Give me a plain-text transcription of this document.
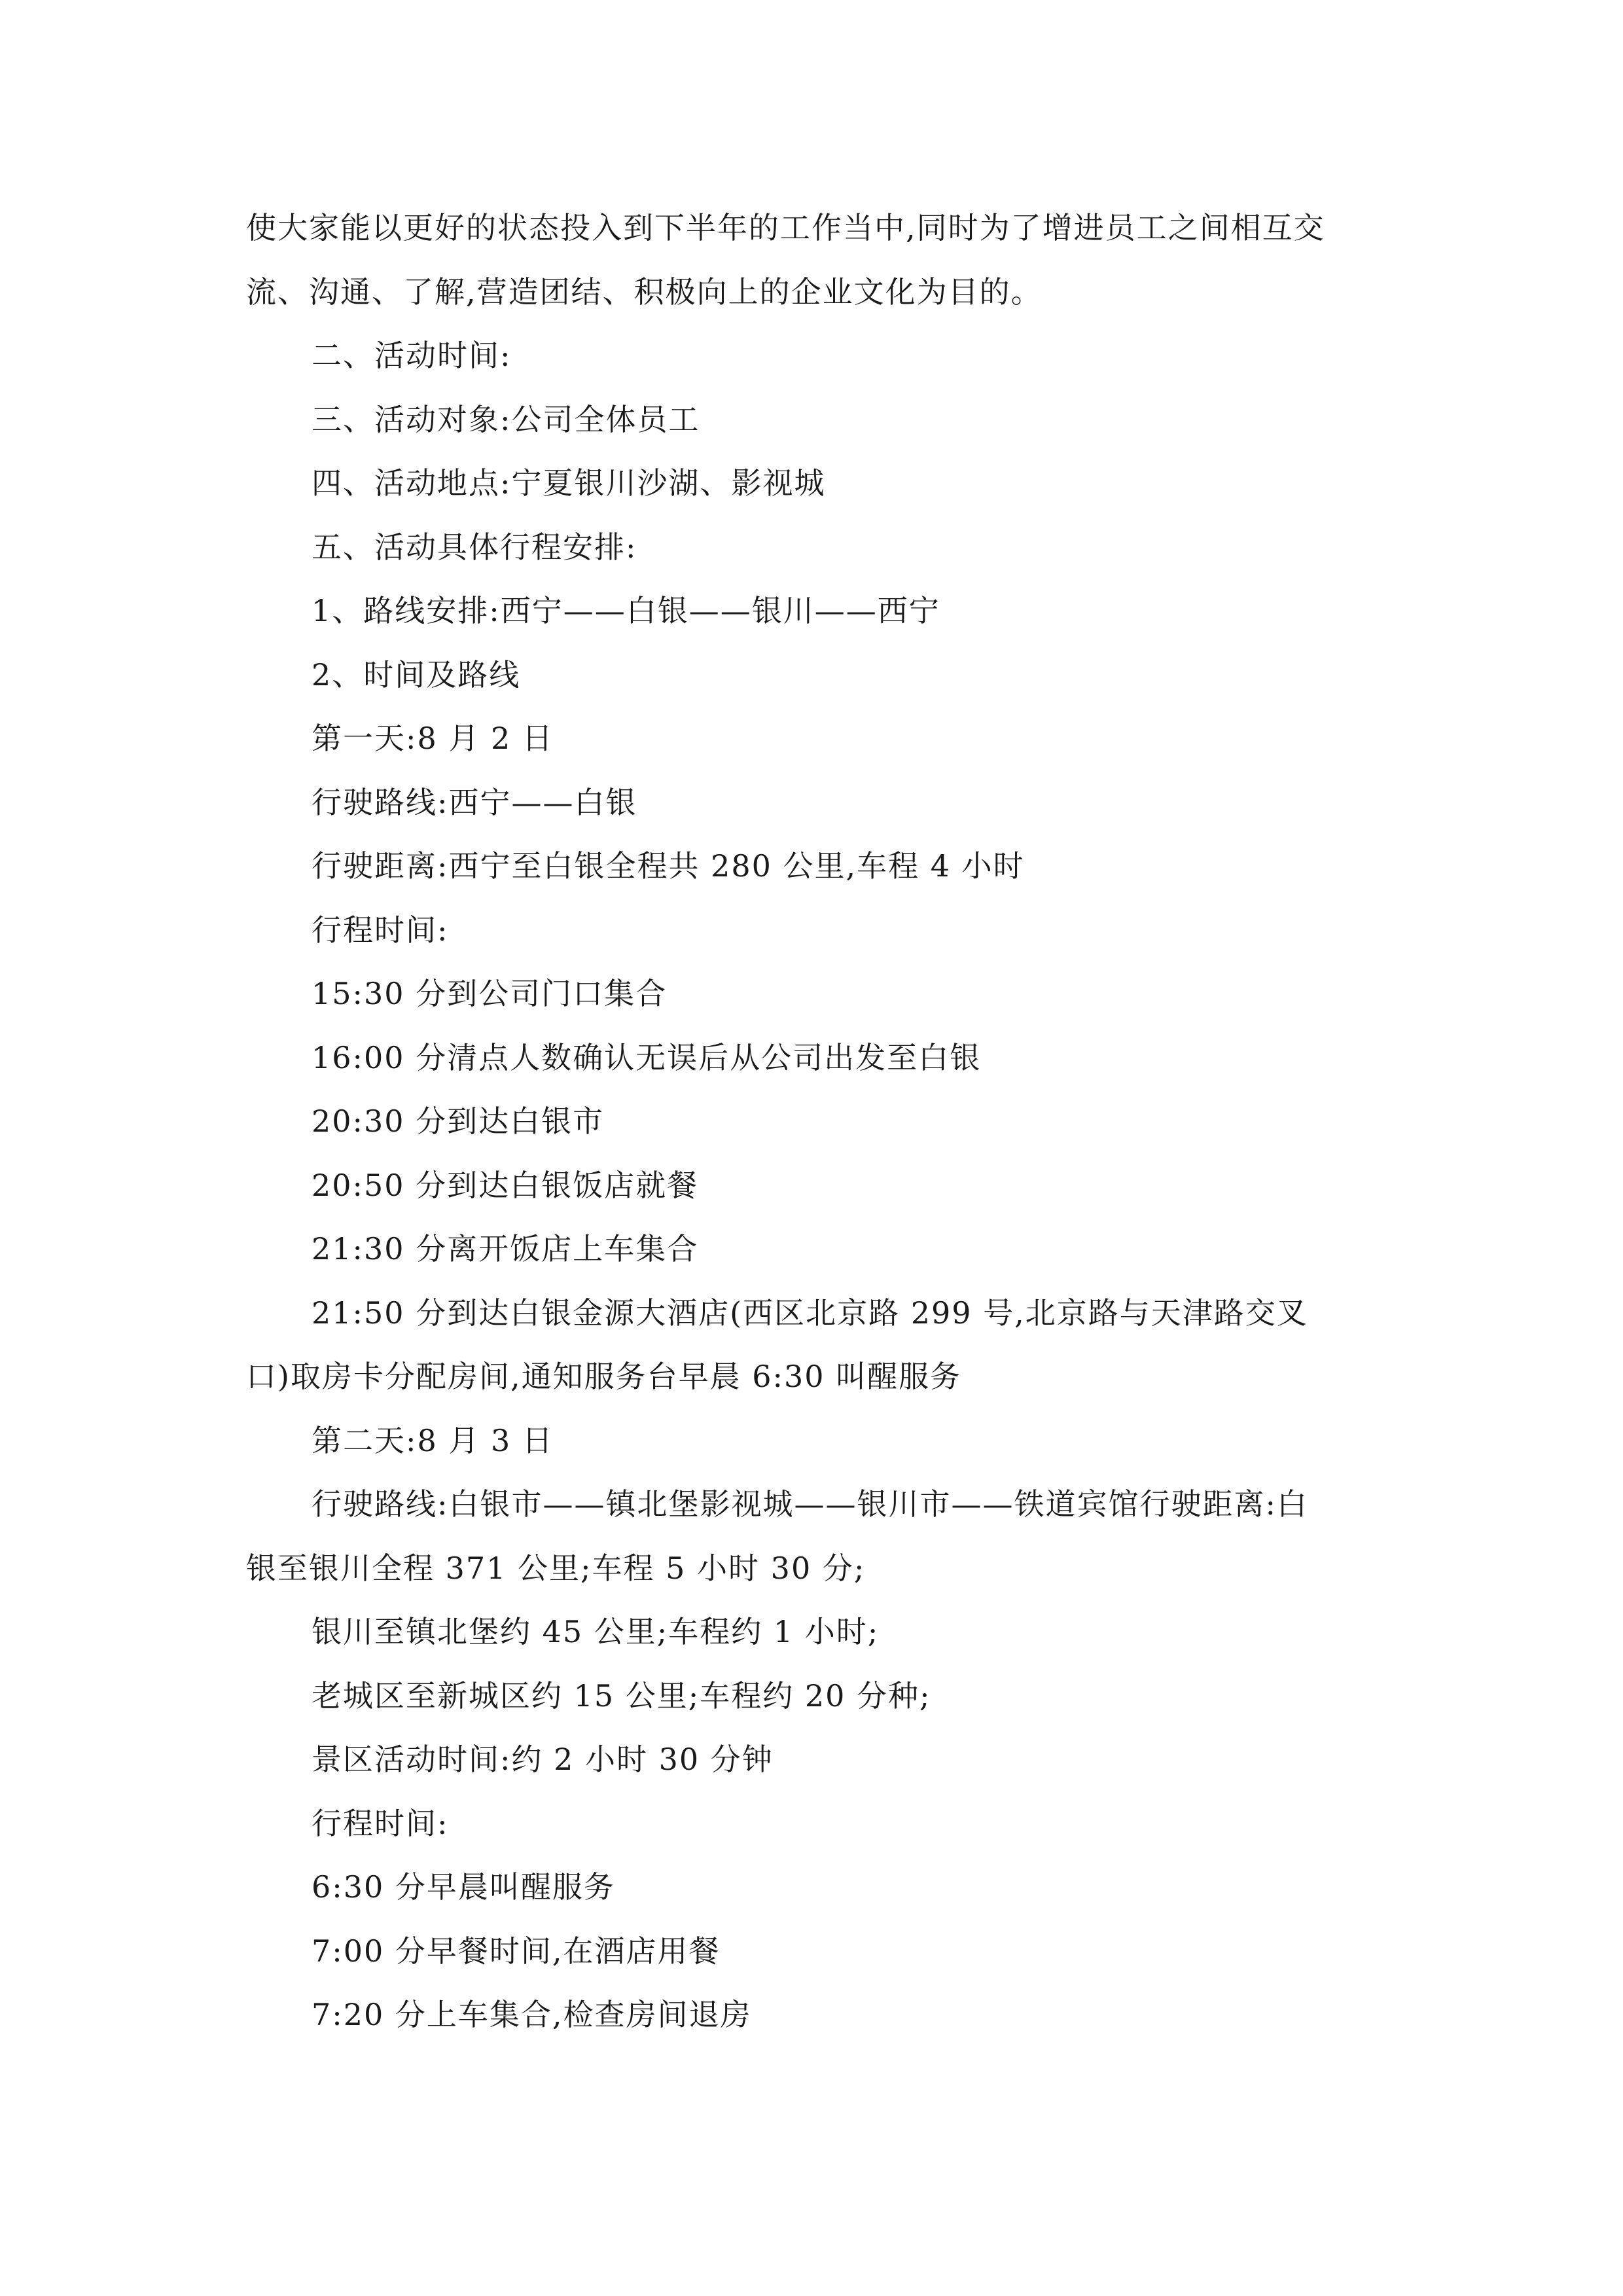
使大家能以更好的状态投入到下半年的工作当中,同时为了增进员工之间相互交
流、沟通、了解,营造团结、积极向上的企业文化为目的。
二、活动时间:
三、活动对象:公司全体员工
四、活动地点:宁夏银川沙湖、影视城
五、活动具体行程安排:
1、路线安排:西宁——白银——银川——西宁
2、时间及路线
第一天:8 月 2 日
行驶路线:西宁——白银
行驶距离:西宁至白银全程共 280 公里,车程 4 小时
行程时间:
15:30 分到公司门口集合
16:00 分清点人数确认无误后从公司出发至白银
20:30 分到达白银市
20:50 分到达白银饭店就餐
21:30 分离开饭店上车集合
21:50 分到达白银金源大酒店(西区北京路 299 号,北京路与天津路交叉
口)取房卡分配房间,通知服务台早晨 6:30 叫醒服务
第二天:8 月 3 日
行驶路线:白银市——镇北堡影视城——银川市——铁道宾馆行驶距离:白
银至银川全程 371 公里;车程 5 小时 30 分;
银川至镇北堡约 45 公里;车程约 1 小时;
老城区至新城区约 15 公里;车程约 20 分种;
景区活动时间:约 2 小时 30 分钟
行程时间:
6:30 分早晨叫醒服务
7:00 分早餐时间,在酒店用餐
7:20 分上车集合,检查房间退房
